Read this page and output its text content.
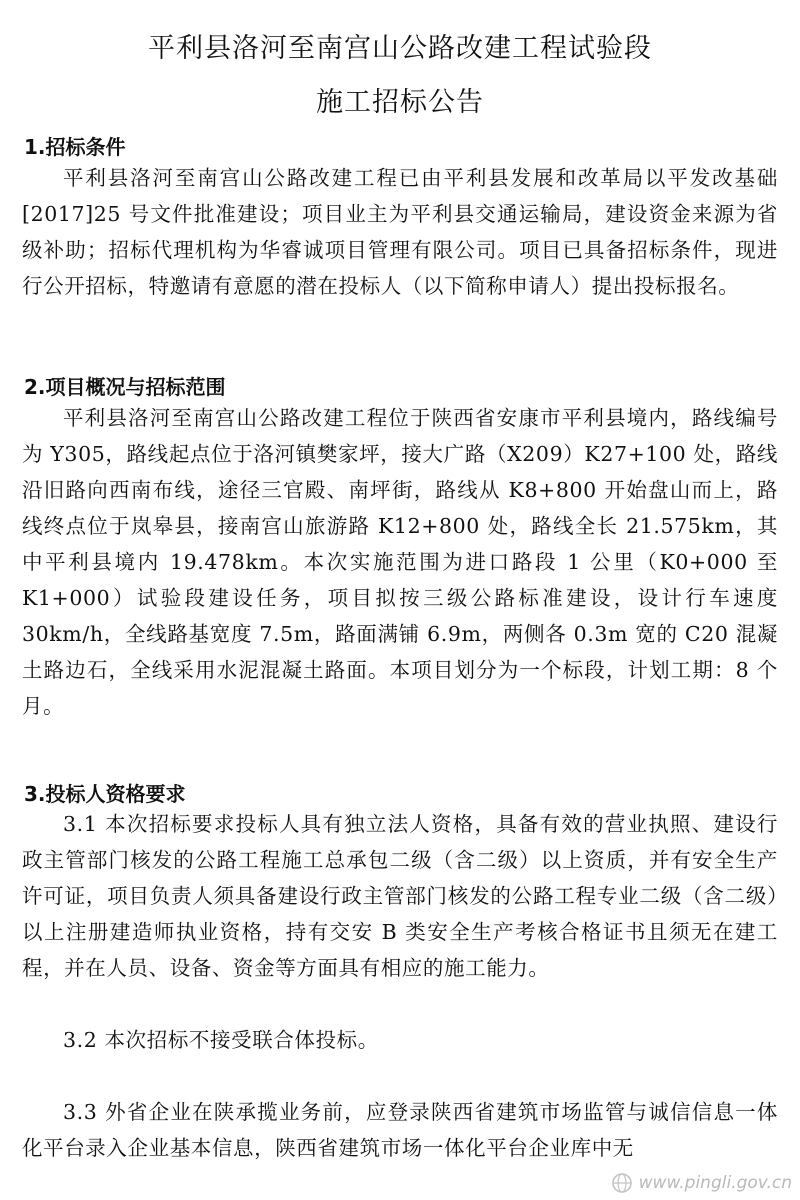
平利县洛河至南宫山公路改建工程试验段
施工招标公告
1.招标条件

平利县洛河至南宫山公路改建工程已由平利县发展和改革局以平发改基础[2017]25 号文件批准建设；项目业主为平利县交通运输局，建设资金来源为省级补助；招标代理机构为华睿诚项目管理有限公司。项目已具备招标条件，现进行公开招标，特邀请有意愿的潜在投标人（以下简称申请人）提出投标报名。

2.项目概况与招标范围

平利县洛河至南宫山公路改建工程位于陕西省安康市平利县境内，路线编号为 Y305，路线起点位于洛河镇樊家坪，接大广路（X209）K27+100 处，路线沿旧路向西南布线，途径三官殿、南坪街，路线从 K8+800 开始盘山而上，路线终点位于岚皋县，接南宫山旅游路 K12+800 处，路线全长 21.575km，其中平利县境内 19.478km。本次实施范围为进口路段 1 公里（K0+000 至 K1+000）试验段建设任务，项目拟按三级公路标准建设，设计行车速度 30km/h，全线路基宽度 7.5m，路面满铺 6.9m，两侧各 0.3m 宽的 C20 混凝土路边石，全线采用水泥混凝土路面。本项目划分为一个标段，计划工期：8 个月。

3.投标人资格要求

3.1 本次招标要求投标人具有独立法人资格，具备有效的营业执照、建设行政主管部门核发的公路工程施工总承包二级（含二级）以上资质，并有安全生产许可证，项目负责人须具备建设行政主管部门核发的公路工程专业二级（含二级）以上注册建造师执业资格，持有交安 B 类安全生产考核合格证书且须无在建工程，并在人员、设备、资金等方面具有相应的施工能力。

3.2 本次招标不接受联合体投标。

3.3 外省企业在陕承揽业务前，应登录陕西省建筑市场监管与诚信信息一体化平台录入企业基本信息，陕西省建筑市场一体化平台企业库中无

www.pingli.gov.cn
